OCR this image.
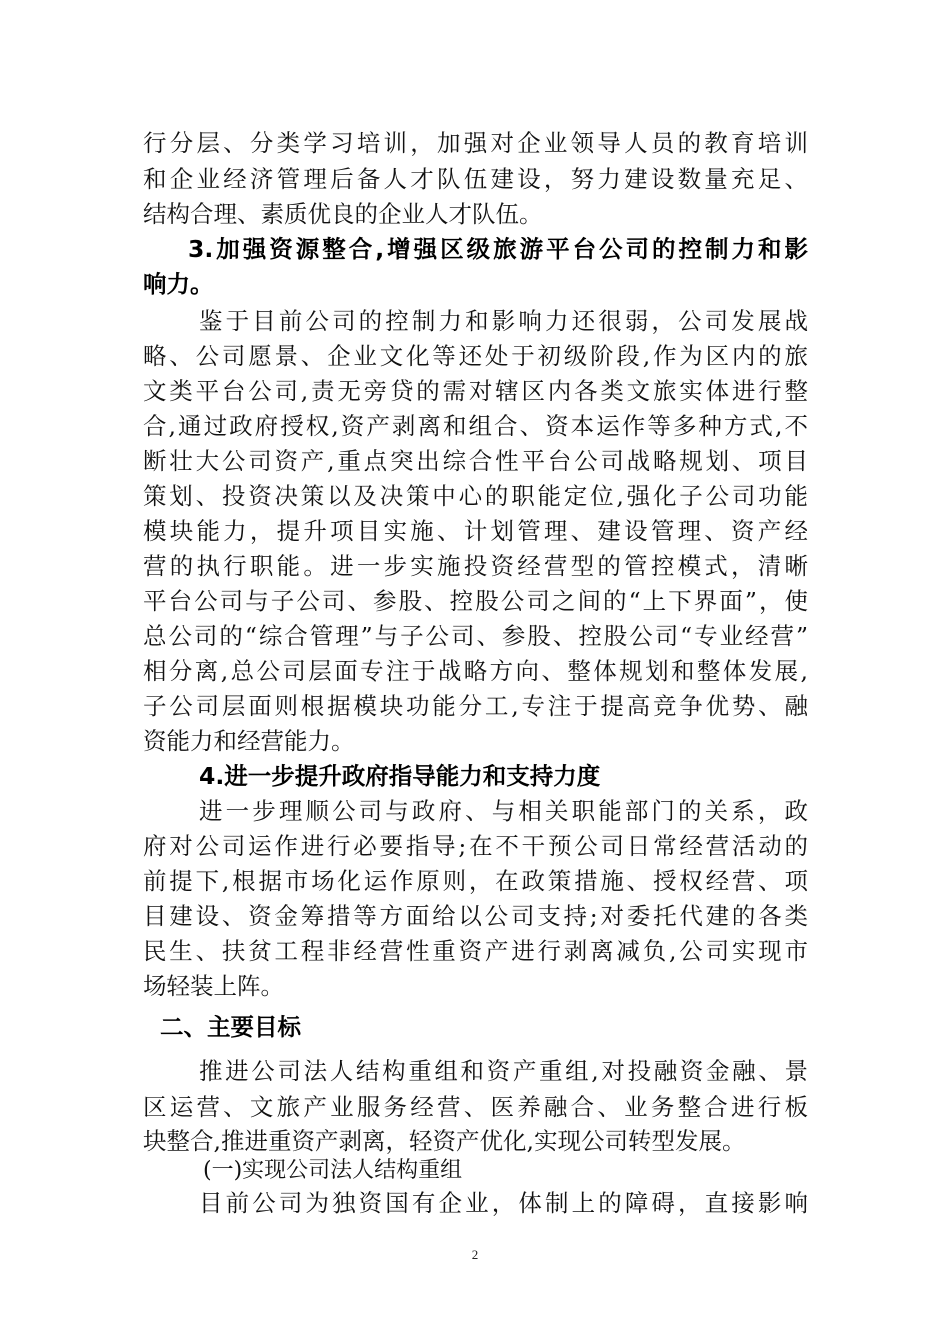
行分层、分类学习培训，加强对企业领导人员的教育培训
和企业经济管理后备人才队伍建设，努力建设数量充足、
结构合理、素质优良的企业人才队伍。
3.加强资源整合,增强区级旅游平台公司的控制力和影
响力。
鉴于目前公司的控制力和影响力还很弱，公司发展战
略、公司愿景、企业文化等还处于初级阶段,作为区内的旅
文类平台公司,责无旁贷的需对辖区内各类文旅实体进行整
合,通过政府授权,资产剥离和组合、资本运作等多种方式,不
断壮大公司资产,重点突出综合性平台公司战略规划、项目
策划、投资决策以及决策中心的职能定位,强化子公司功能
模块能力，提升项目实施、计划管理、建设管理、资产经
营的执行职能。进一步实施投资经营型的管控模式，清晰
平台公司与子公司、参股、控股公司之间的“上下界面”，使
总公司的“综合管理”与子公司、参股、控股公司“专业经营”
相分离,总公司层面专注于战略方向、整体规划和整体发展,
子公司层面则根据模块功能分工,专注于提高竞争优势、融
资能力和经营能力。
4.进一步提升政府指导能力和支持力度
进一步理顺公司与政府、与相关职能部门的关系，政
府对公司运作进行必要指导;在不干预公司日常经营活动的
前提下,根据市场化运作原则，在政策措施、授权经营、项
目建设、资金筹措等方面给以公司支持;对委托代建的各类
民生、扶贫工程非经营性重资产进行剥离减负,公司实现市
场轻装上阵。
二、主要目标
推进公司法人结构重组和资产重组,对投融资金融、景
区运营、文旅产业服务经营、医养融合、业务整合进行板
块整合,推进重资产剥离，轻资产优化,实现公司转型发展。
(一)实现公司法人结构重组
目前公司为独资国有企业，体制上的障碍，直接影响
2
